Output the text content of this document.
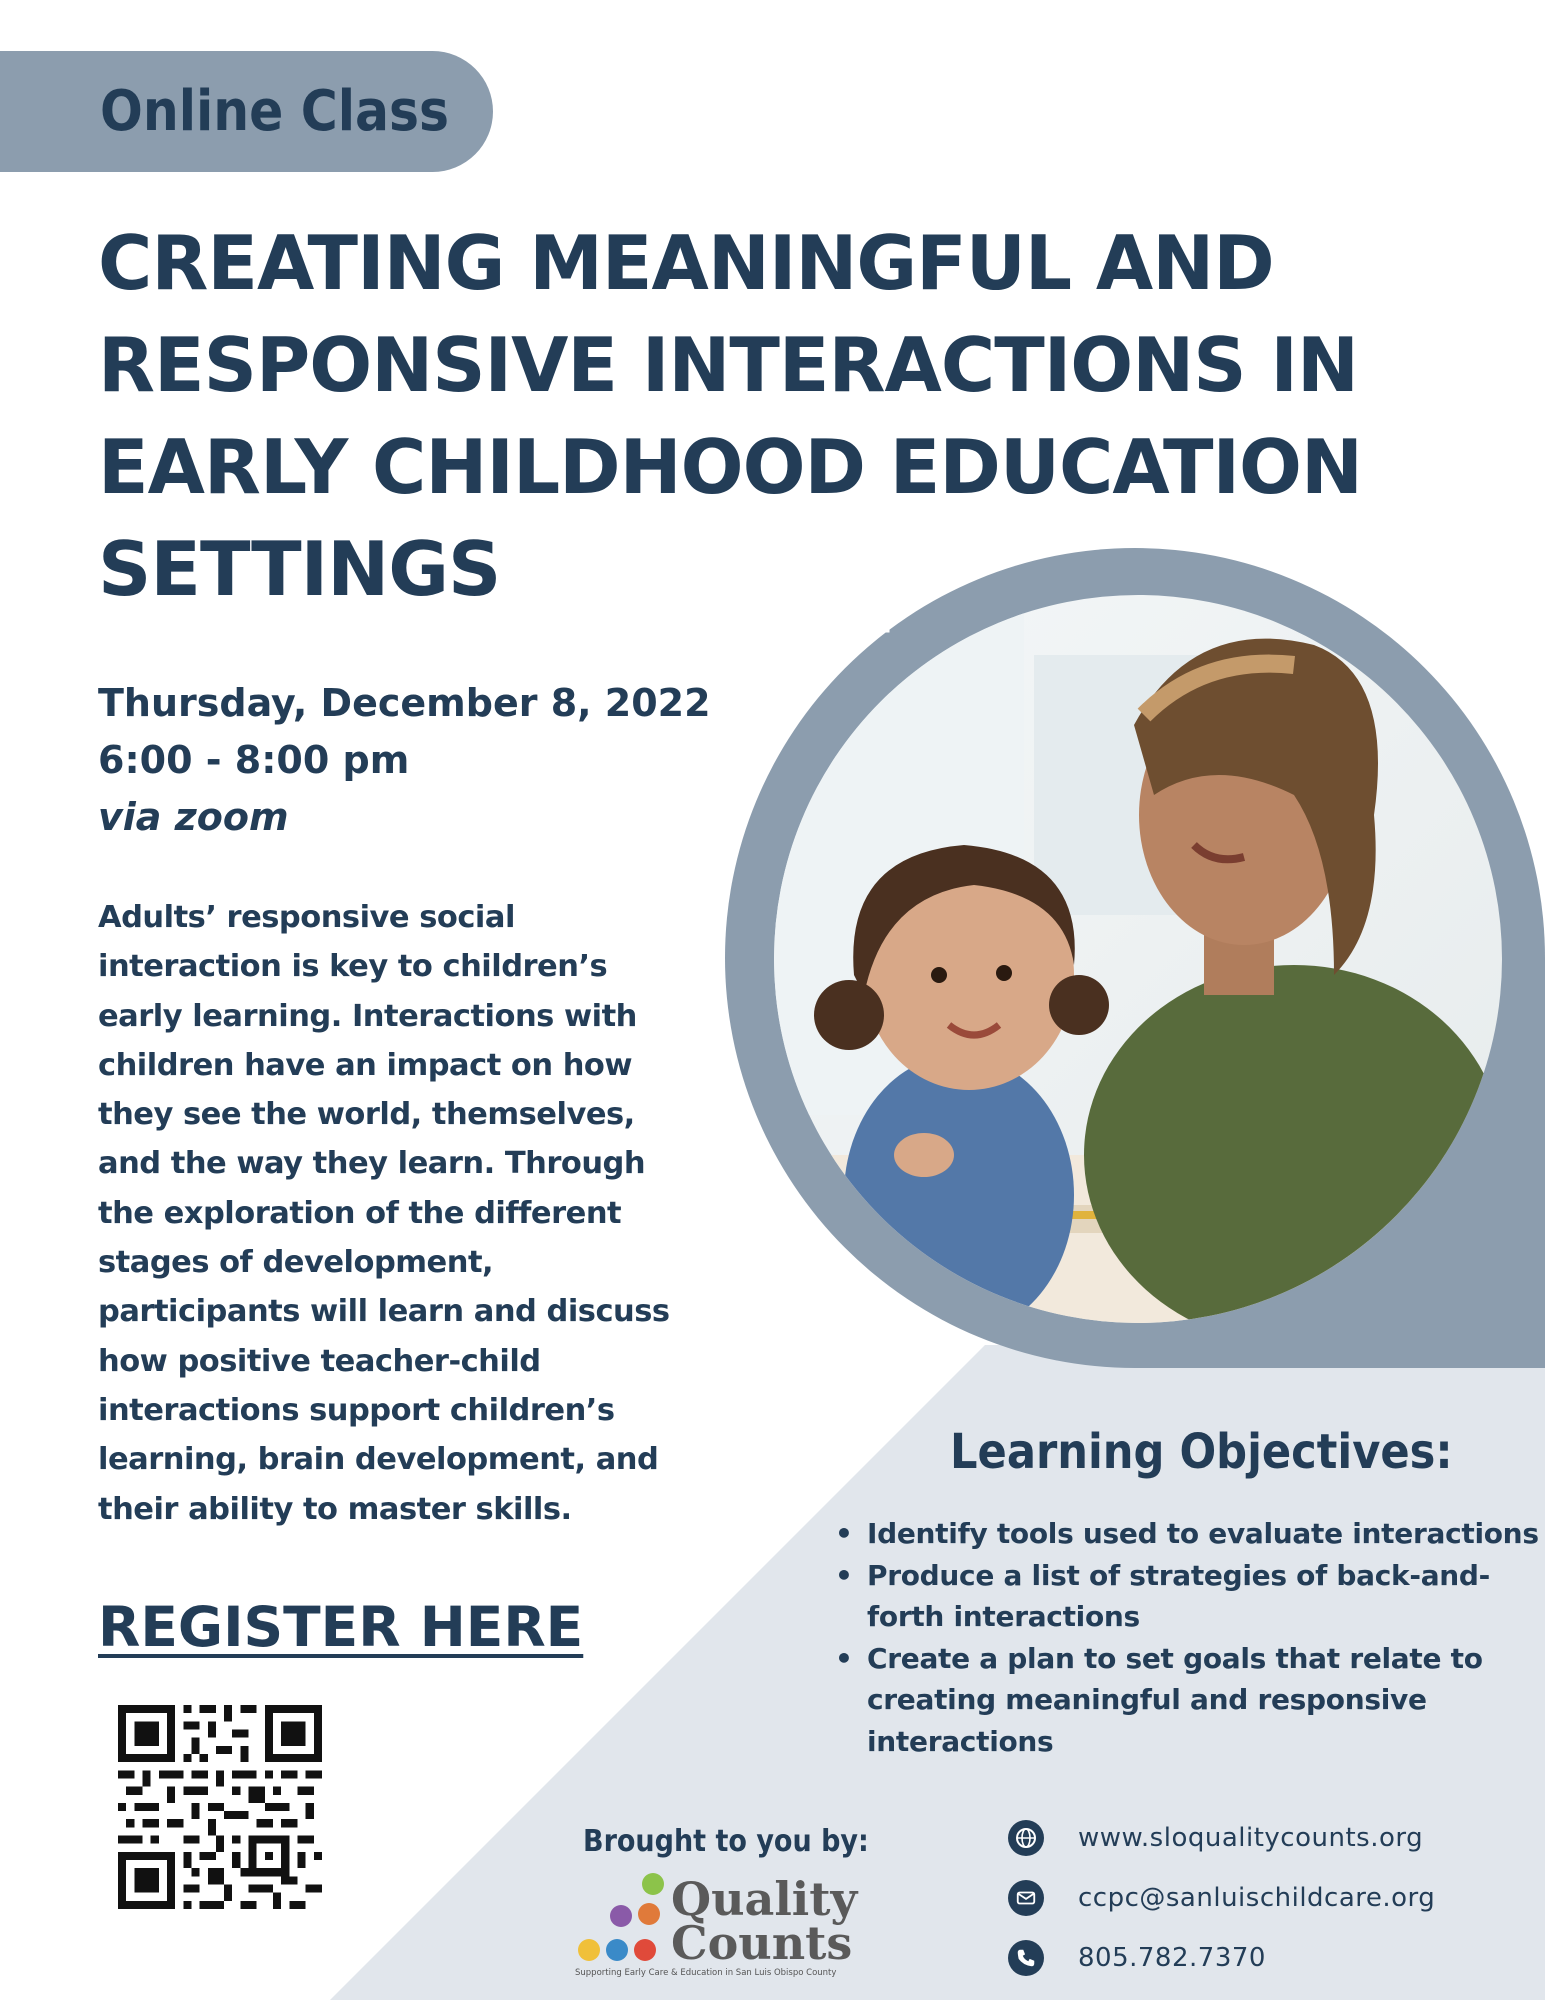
Online Class
CREATING MEANINGFUL AND
RESPONSIVE INTERACTIONS IN
EARLY CHILDHOOD EDUCATION
SETTINGS
Thursday, December 8, 2022
6:00 - 8:00 pm
via zoom
Adults’ responsive social
interaction is key to children’s
early learning. Interactions with
children have an impact on how
they see the world, themselves,
and the way they learn. Through
the exploration of the different
stages of development,
participants will learn and discuss
how positive teacher-child
interactions support children’s
learning, brain development, and
their ability to master skills.
REGISTER HERE
Learning Objectives:
• Identify tools used to evaluate interactions
• Produce a list of strategies of back-and-
forth interactions
• Create a plan to set goals that relate to
creating meaningful and responsive
interactions
Brought to you by:
Quality
Counts
Supporting Early Care & Education in San Luis Obispo County
www.sloqualitycounts.org
ccpc@sanluischildcare.org
805.782.7370
